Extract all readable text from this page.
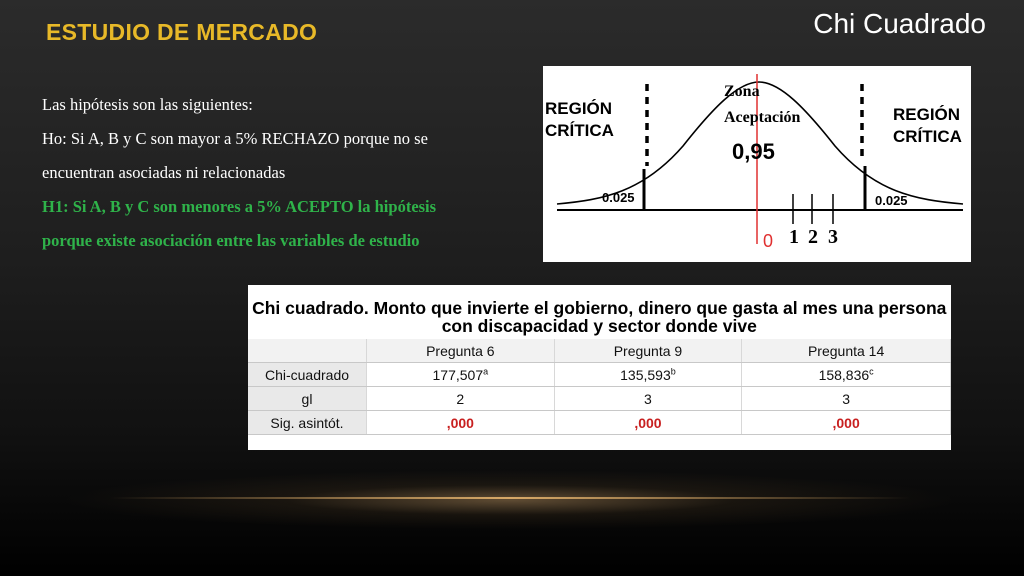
ESTUDIO DE MERCADO	Chi Cuadrado
Las hipótesis son las siguientes:
Ho: Si A, B y C son mayor a 5% RECHAZO porque no se
encuentran asociadas ni relacionadas
H1: Si A, B y C son menores a 5% ACEPTO la hipótesis
porque existe asociación entre las variables de estudio
REGIÓN
CRÍTICA
REGIÓN
CRÍTICA
0.025	0.025
0,95
Zona
Aceptación
1 2 3
0
Chi cuadrado. Monto que invierte el gobierno, dinero que gasta al mes una persona
con discapacidad y sector donde vive			

	Pregunta 6	Pregunta 9	Pregunta 14
Chi-cuadrado	177,507$^a$	135,593$^b$	158,836$^c$
gl	2	3	3
Sig. asintót.	,000	,000	,000
